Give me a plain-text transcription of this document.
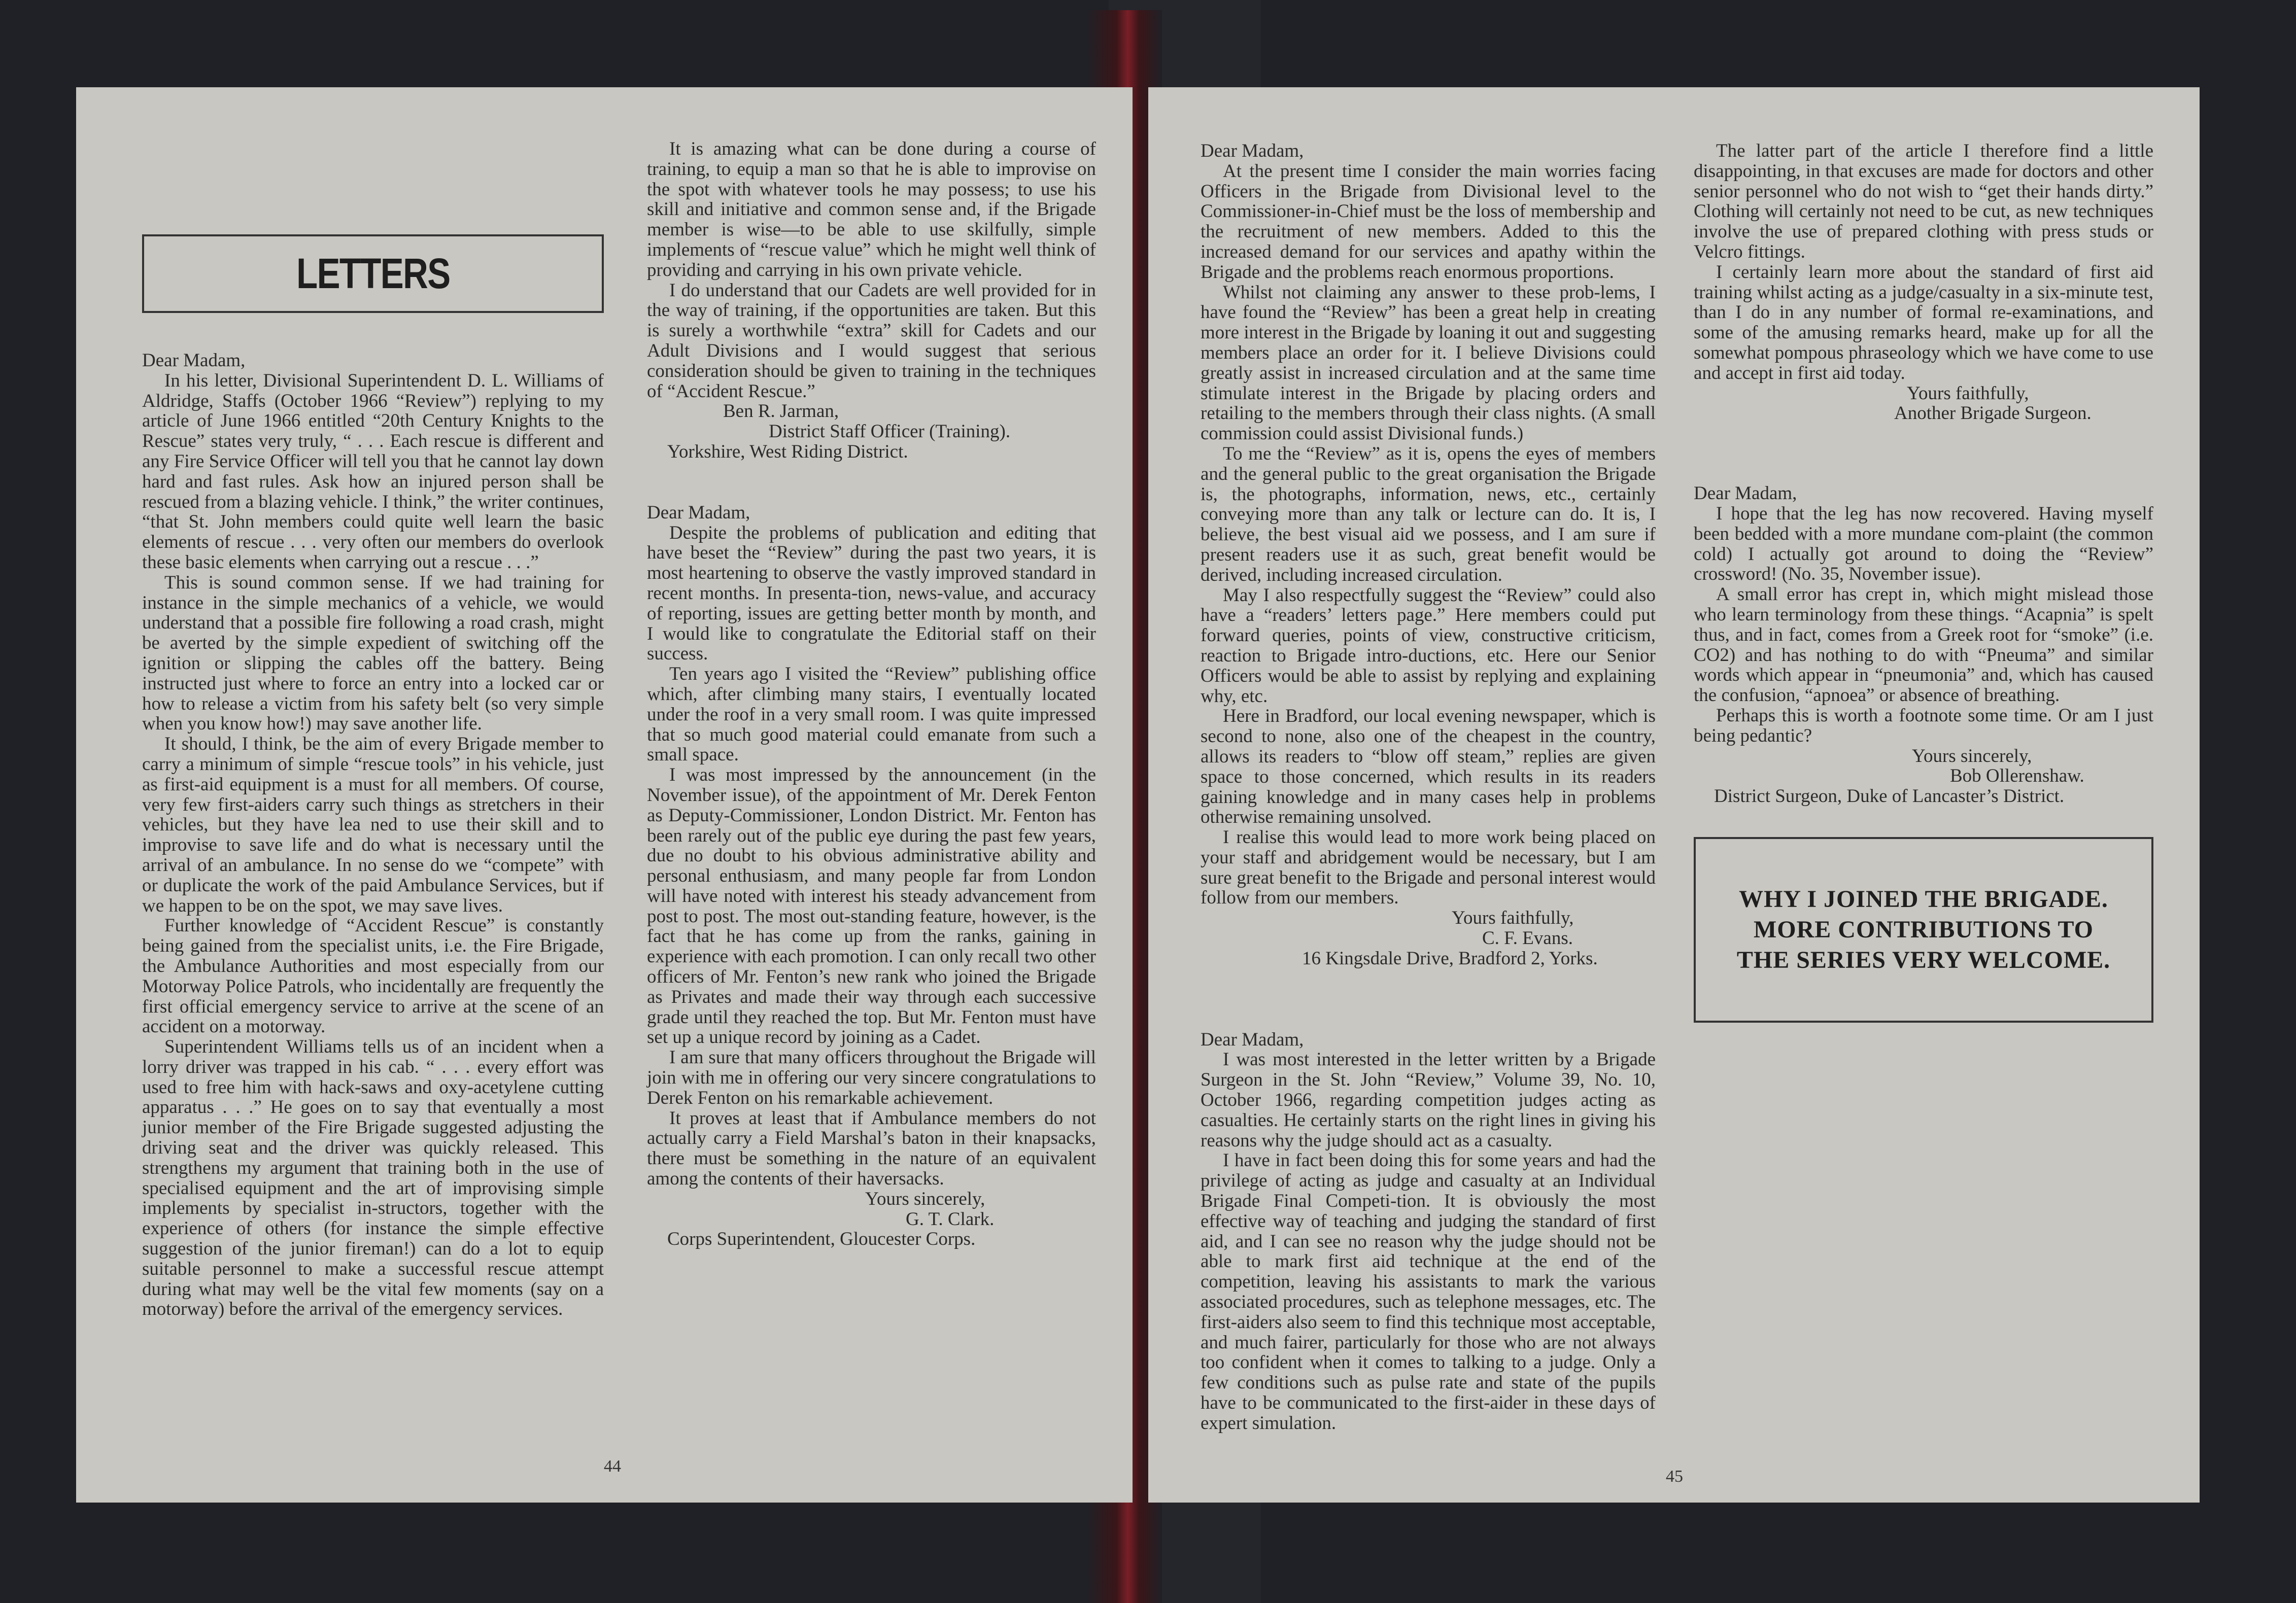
LETTERS

Dear Madam,

In his letter, Divisional Superintendent D. L. Williams of Aldridge, Staffs (October 1966 “Review”) replying to my article of June 1966 entitled “20th Century Knights to the Rescue” states very truly, “ . . . Each rescue is different and any Fire Service Officer will tell you that he cannot lay down hard and fast rules. Ask how an injured person shall be rescued from a blazing vehicle. I think,” the writer continues, “that St. John members could quite well learn the basic elements of rescue . . . very often our members do overlook these basic elements when carrying out a rescue . . .”

This is sound common sense. If we had training for instance in the simple mechanics of a vehicle, we would understand that a possible fire following a road crash, might be averted by the simple expedient of switching off the ignition or slipping the cables off the battery. Being instructed just where to force an entry into a locked car or how to release a victim from his safety belt (so very simple when you know how!) may save another life.

It should, I think, be the aim of every Brigade member to carry a minimum of simple “rescue tools” in his vehicle, just as first-aid equipment is a must for all members. Of course, very few first-aiders carry such things as stretchers in their vehicles, but they have lea ned to use their skill and to improvise to save life and do what is necessary until the arrival of an ambulance. In no sense do we “compete” with or duplicate the work of the paid Ambulance Services, but if we happen to be on the spot, we may save lives.

Further knowledge of “Accident Rescue” is constantly being gained from the specialist units, i.e. the Fire Brigade, the Ambulance Authorities and most especially from our Motorway Police Patrols, who incidentally are frequently the first official emergency service to arrive at the scene of an accident on a motorway.

Superintendent Williams tells us of an incident when a lorry driver was trapped in his cab. “ . . . every effort was used to free him with hack-saws and oxy-acetylene cutting apparatus . . .” He goes on to say that eventually a most junior member of the Fire Brigade suggested adjusting the driving seat and the driver was quickly released. This strengthens my argument that training both in the use of specialised equipment and the art of improvising simple implements by specialist in-structors, together with the experience of others (for instance the simple effective suggestion of the junior fireman!) can do a lot to equip suitable personnel to make a successful rescue attempt during what may well be the vital few moments (say on a motorway) before the arrival of the emergency services.

It is amazing what can be done during a course of training, to equip a man so that he is able to improvise on the spot with whatever tools he may possess; to use his skill and initiative and common sense and, if the Brigade member is wise—to be able to use skilfully, simple implements of “rescue value” which he might well think of providing and carrying in his own private vehicle.

I do understand that our Cadets are well provided for in the way of training, if the opportunities are taken. But this is surely a worthwhile “extra” skill for Cadets and our Adult Divisions and I would suggest that serious consideration should be given to training in the techniques of “Accident Rescue.”

Ben R. Jarman,

District Staff Officer (Training).

Yorkshire, West Riding District.

Dear Madam,

Despite the problems of publication and editing that have beset the “Review” during the past two years, it is most heartening to observe the vastly improved standard in recent months. In presenta-tion, news-value, and accuracy of reporting, issues are getting better month by month, and I would like to congratulate the Editorial staff on their success.

Ten years ago I visited the “Review” publishing office which, after climbing many stairs, I eventually located under the roof in a very small room. I was quite impressed that so much good material could emanate from such a small space.

I was most impressed by the announcement (in the November issue), of the appointment of Mr. Derek Fenton as Deputy-Commissioner, London District. Mr. Fenton has been rarely out of the public eye during the past few years, due no doubt to his obvious administrative ability and personal enthusiasm, and many people far from London will have noted with interest his steady advancement from post to post. The most out-standing feature, however, is the fact that he has come up from the ranks, gaining in experience with each promotion. I can only recall two other officers of Mr. Fenton’s new rank who joined the Brigade as Privates and made their way through each successive grade until they reached the top. But Mr. Fenton must have set up a unique record by joining as a Cadet.

I am sure that many officers throughout the Brigade will join with me in offering our very sincere congratulations to Derek Fenton on his remarkable achievement.

It proves at least that if Ambulance members do not actually carry a Field Marshal’s baton in their knapsacks, there must be something in the nature of an equivalent among the contents of their haversacks.

Yours sincerely,

G. T. Clark.

Corps Superintendent, Gloucester Corps.

44

Dear Madam,

At the present time I consider the main worries facing Officers in the Brigade from Divisional level to the Commissioner-in-Chief must be the loss of membership and the recruitment of new members. Added to this the increased demand for our services and apathy within the Brigade and the problems reach enormous proportions.

Whilst not claiming any answer to these prob-lems, I have found the “Review” has been a great help in creating more interest in the Brigade by loaning it out and suggesting members place an order for it. I believe Divisions could greatly assist in increased circulation and at the same time stimulate interest in the Brigade by placing orders and retailing to the members through their class nights. (A small commission could assist Divisional funds.)

To me the “Review” as it is, opens the eyes of members and the general public to the great organisation the Brigade is, the photographs, information, news, etc., certainly conveying more than any talk or lecture can do. It is, I believe, the best visual aid we possess, and I am sure if present readers use it as such, great benefit would be derived, including increased circulation.

May I also respectfully suggest the “Review” could also have a “readers’ letters page.” Here members could put forward queries, points of view, constructive criticism, reaction to Brigade intro-ductions, etc. Here our Senior Officers would be able to assist by replying and explaining why, etc.

Here in Bradford, our local evening newspaper, which is second to none, also one of the cheapest in the country, allows its readers to “blow off steam,” replies are given space to those concerned, which results in its readers gaining knowledge and in many cases help in problems otherwise remaining unsolved.

I realise this would lead to more work being placed on your staff and abridgement would be necessary, but I am sure great benefit to the Brigade and personal interest would follow from our members.

Yours faithfully,

C. F. Evans.

16 Kingsdale Drive, Bradford 2, Yorks.

Dear Madam,

I was most interested in the letter written by a Brigade Surgeon in the St. John “Review,” Volume 39, No. 10, October 1966, regarding competition judges acting as casualties. He certainly starts on the right lines in giving his reasons why the judge should act as a casualty.

I have in fact been doing this for some years and had the privilege of acting as judge and casualty at an Individual Brigade Final Competi-tion. It is obviously the most effective way of teaching and judging the standard of first aid, and I can see no reason why the judge should not be able to mark first aid technique at the end of the competition, leaving his assistants to mark the various associated procedures, such as telephone messages, etc. The first-aiders also seem to find this technique most acceptable, and much fairer, particularly for those who are not always too confident when it comes to talking to a judge. Only a few conditions such as pulse rate and state of the pupils have to be communicated to the first-aider in these days of expert simulation.

The latter part of the article I therefore find a little disappointing, in that excuses are made for doctors and other senior personnel who do not wish to “get their hands dirty.” Clothing will certainly not need to be cut, as new techniques involve the use of prepared clothing with press studs or Velcro fittings.

I certainly learn more about the standard of first aid training whilst acting as a judge/casualty in a six-minute test, than I do in any number of formal re-examinations, and some of the amusing remarks heard, make up for all the somewhat pompous phraseology which we have come to use and accept in first aid today.

Yours faithfully,

Another Brigade Surgeon.

Dear Madam,

I hope that the leg has now recovered. Having myself been bedded with a more mundane com-plaint (the common cold) I actually got around to doing the “Review” crossword! (No. 35, November issue).

A small error has crept in, which might mislead those who learn terminology from these things. “Acapnia” is spelt thus, and in fact, comes from a Greek root for “smoke” (i.e. CO2) and has nothing to do with “Pneuma” and similar words which appear in “pneumonia” and, which has caused the confusion, “apnoea” or absence of breathing.

Perhaps this is worth a footnote some time. Or am I just being pedantic?

Yours sincerely,

Bob Ollerenshaw.

District Surgeon, Duke of Lancaster’s District.

WHY I JOINED THE BRIGADE. MORE CONTRIBUTIONS TO THE SERIES VERY WELCOME.
45
